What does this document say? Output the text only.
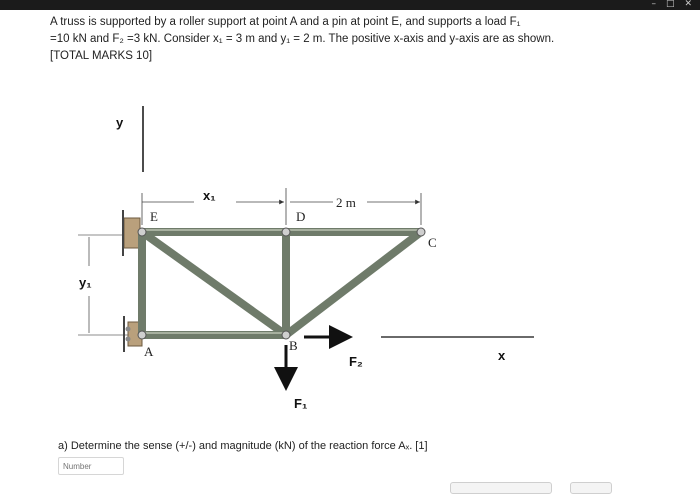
– □ ✕

A truss is supported by a roller support at point A and a pin at point E, and supports a load F₁

=10 kN and F₂ =3 kN. Consider x₁ = 3 m and y₁ = 2 m. The positive x-axis and y-axis are as shown.

[TOTAL MARKS 10]

y
x₁	2 m
y₁
E	D
C
A	B
F₁
F₂	x
a) Determine the sense (+/-) and magnitude (kN) of the reaction force Aₓ. [1]
Number
